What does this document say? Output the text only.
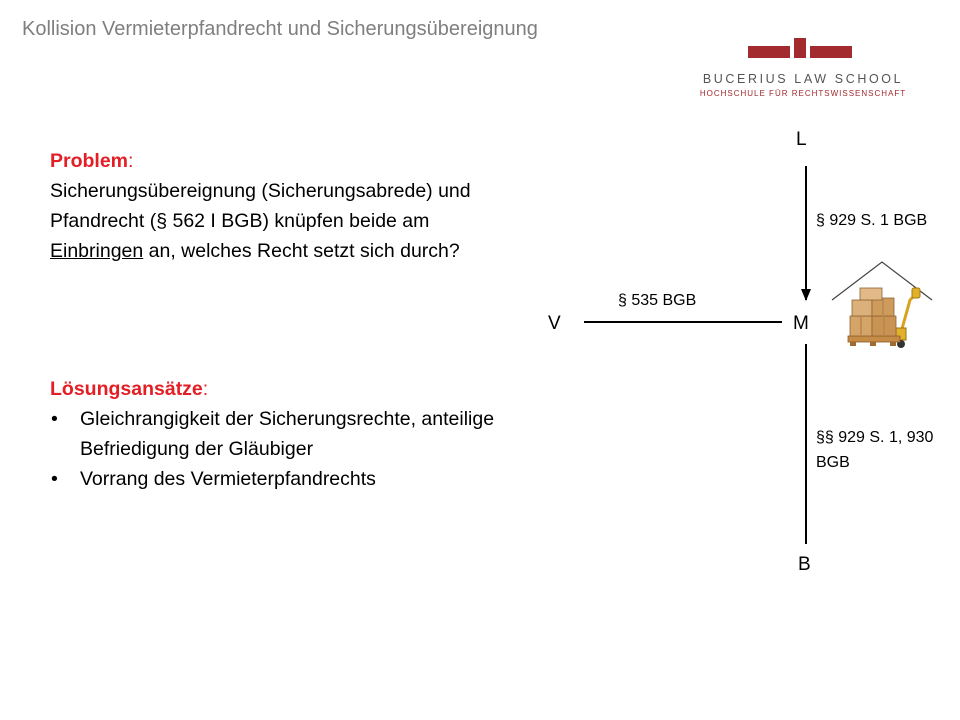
Kollision Vermieterpfandrecht und Sicherungsübereignung
BUCERIUS LAW SCHOOL
HOCHSCHULE FÜR RECHTSWISSENSCHAFT
Problem:
Sicherungsübereignung (Sicherungsabrede) und Pfandrecht (§ 562 I BGB) knüpfen beide am Einbringen an, welches Recht setzt sich durch?
Lösungsansätze:
• Gleichrangigkeit der Sicherungsrechte, anteilige Befriedigung der Gläubiger
• Vorrang des Vermieterpfandrechts
L
V	M
B
§ 929 S. 1 BGB
§ 535 BGB
§§ 929 S. 1, 930 BGB
